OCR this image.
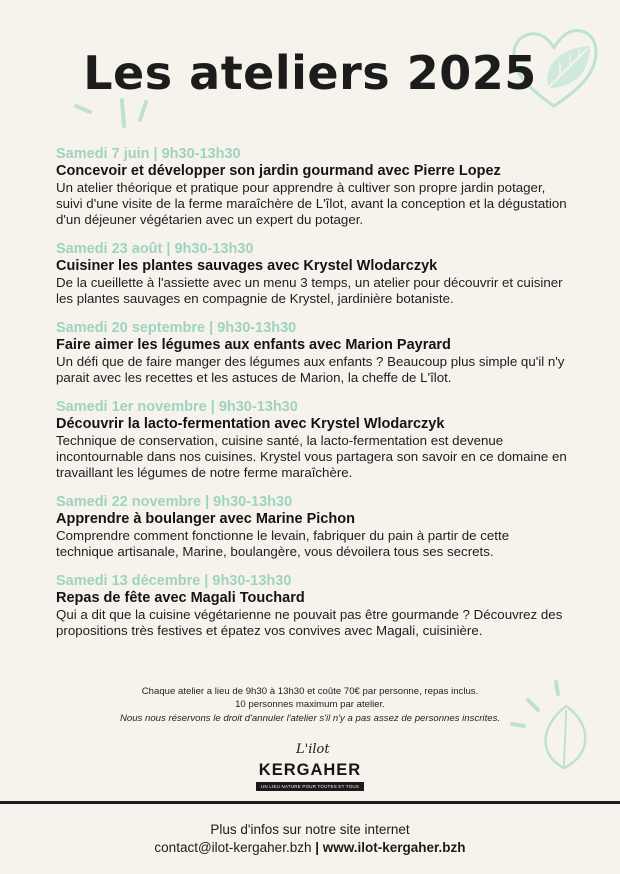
Les ateliers 2025
Samedi 7 juin | 9h30-13h30
Concevoir et développer son jardin gourmand avec Pierre Lopez
Un atelier théorique et pratique pour apprendre à cultiver son propre jardin potager, suivi d'une visite de la ferme maraîchère de L'îlot, avant la conception et la dégustation d'un déjeuner végétarien avec un expert du potager.
Samedi 23 août | 9h30-13h30
Cuisiner les plantes sauvages avec Krystel Wlodarczyk
De la cueillette à l'assiette avec un menu 3 temps, un atelier pour découvrir et cuisiner les plantes sauvages en compagnie de Krystel, jardinière botaniste.
Samedi 20 septembre | 9h30-13h30
Faire aimer les légumes aux enfants avec Marion Payrard
Un défi que de faire manger des légumes aux enfants ? Beaucoup plus simple qu'il n'y parait avec les recettes et les astuces de Marion, la cheffe de L'îlot.
Samedi 1er novembre | 9h30-13h30
Découvrir la lacto-fermentation avec Krystel Wlodarczyk
Technique de conservation, cuisine santé, la lacto-fermentation est devenue incontournable dans nos cuisines. Krystel vous partagera son savoir en ce domaine en travaillant les légumes de notre ferme maraîchère.
Samedi 22 novembre | 9h30-13h30
Apprendre à boulanger avec Marine Pichon
Comprendre comment fonctionne le levain, fabriquer du pain à partir de cette technique artisanale, Marine, boulangère, vous dévoilera tous ses secrets.
Samedi 13 décembre | 9h30-13h30
Repas de fête avec Magali Touchard
Qui a dit que la cuisine végétarienne ne pouvait pas être gourmande ? Découvrez des propositions très festives et épatez vos convives avec Magali, cuisinière.
Chaque atelier a lieu de 9h30 à 13h30 et coûte 70€ par personne, repas inclus.
10 personnes maximum par atelier.
Nous nous réservons le droit d'annuler l'atelier s'il n'y a pas assez de personnes inscrites.
L'ilot
KERGAHER
UN LIEU NATURE POUR TOUTES ET TOUS
Plus d'infos sur notre site internet
contact@ilot-kergaher.bzh | www.ilot-kergaher.bzh
